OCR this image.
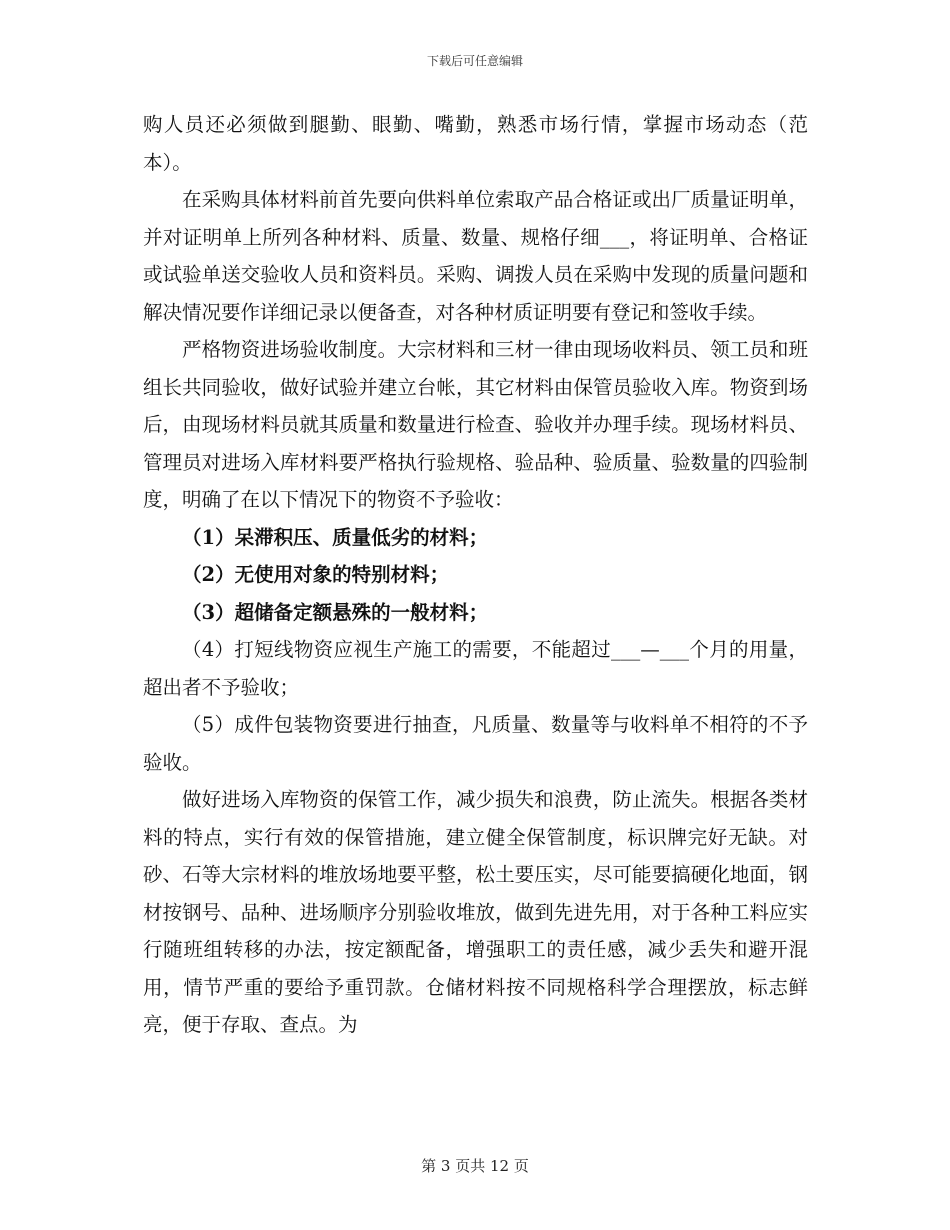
下载后可任意编辑

购人员还必须做到腿勤、眼勤、嘴勤，熟悉市场行情，掌握市场动态（范本）。

在采购具体材料前首先要向供料单位索取产品合格证或出厂质量证明单，并对证明单上所列各种材料、质量、数量、规格仔细___，将证明单、合格证或试验单送交验收人员和资料员。采购、调拨人员在采购中发现的质量问题和解决情况要作详细记录以便备查，对各种材质证明要有登记和签收手续。

严格物资进场验收制度。大宗材料和三材一律由现场收料员、领工员和班组长共同验收，做好试验并建立台帐，其它材料由保管员验收入库。物资到场后，由现场材料员就其质量和数量进行检查、验收并办理手续。现场材料员、管理员对进场入库材料要严格执行验规格、验品种、验质量、验数量的四验制度，明确了在以下情况下的物资不予验收：

（1）呆滞积压、质量低劣的材料；

（2）无使用对象的特别材料；

（3）超储备定额悬殊的一般材料；

（4）打短线物资应视生产施工的需要，不能超过___—___个月的用量，超出者不予验收；

（5）成件包装物资要进行抽查，凡质量、数量等与收料单不相符的不予验收。

做好进场入库物资的保管工作，减少损失和浪费，防止流失。根据各类材料的特点，实行有效的保管措施，建立健全保管制度，标识牌完好无缺。对砂、石等大宗材料的堆放场地要平整，松土要压实，尽可能要搞硬化地面，钢材按钢号、品种、进场顺序分别验收堆放，做到先进先用，对于各种工料应实行随班组转移的办法，按定额配备，增强职工的责任感，减少丢失和避开混用，情节严重的要给予重罚款。仓储材料按不同规格科学合理摆放，标志鲜亮，便于存取、查点。为

第 3 页共 12 页
